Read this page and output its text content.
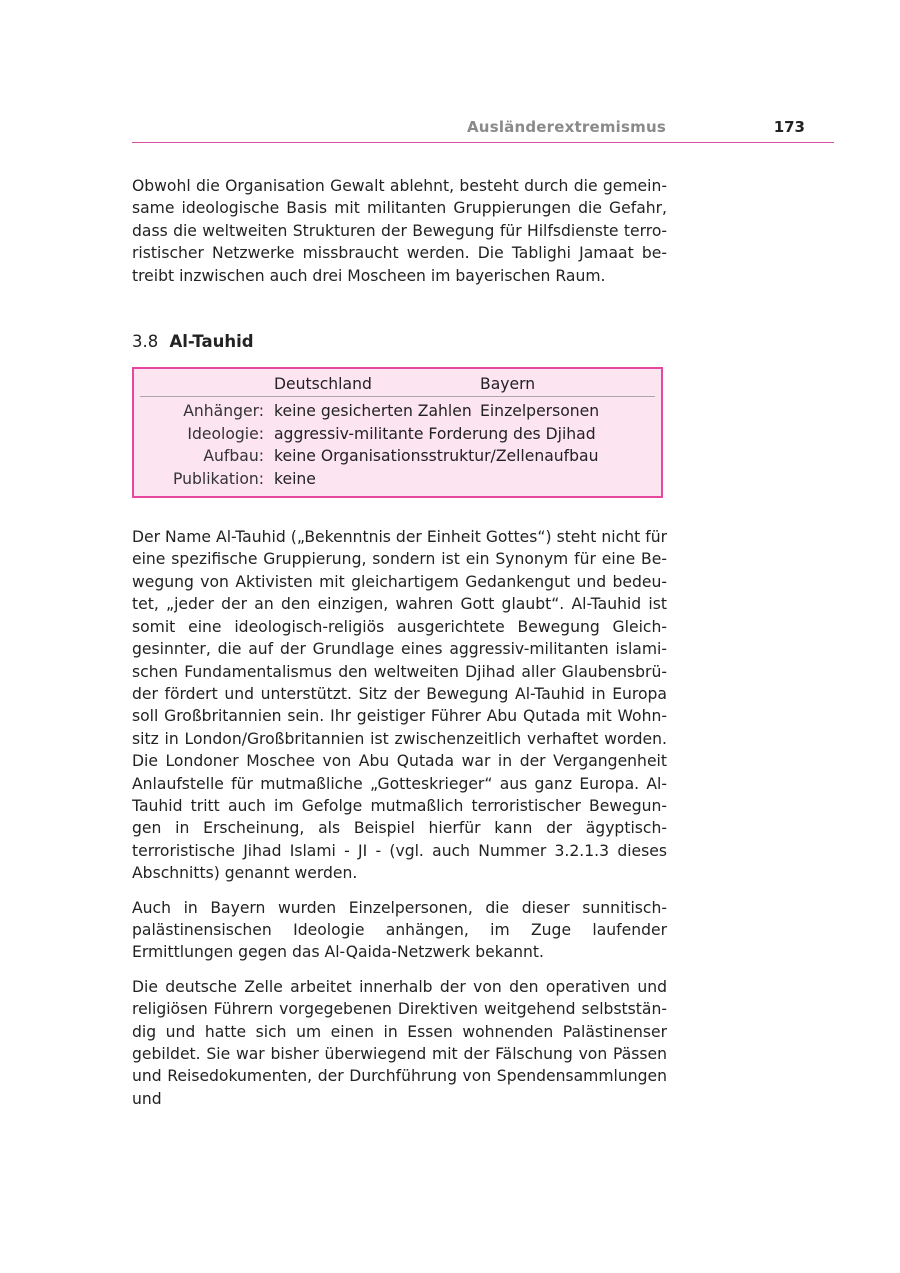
Ausländerextremismus	173

Obwohl die Organisation Gewalt ablehnt, besteht durch die gemeinsame ideologische Basis mit militanten Gruppierungen die Gefahr, dass die weltweiten Strukturen der Bewegung für Hilfsdienste terroristischer Netzwerke missbraucht werden. Die Tablighi Jamaat betreibt inzwischen auch drei Moscheen im bayerischen Raum.

3.8 Al-Tauhid
	Deutschland	Bayern
Anhänger:	keine gesicherten Zahlen	Einzelpersonen
Ideologie:	aggressiv-militante Forderung des Djihad	
Aufbau:	keine Organisationsstruktur/Zellenaufbau	
Publikation:	keine	

Der Name Al-Tauhid („Bekenntnis der Einheit Gottes“) steht nicht für eine spezifische Gruppierung, sondern ist ein Synonym für eine Bewegung von Aktivisten mit gleichartigem Gedankengut und bedeutet, „jeder der an den einzigen, wahren Gott glaubt“. Al-Tauhid ist somit eine ideologisch-religiös ausgerichtete Bewegung Gleichgesinnter, die auf der Grundlage eines aggressiv-militanten islamischen Fundamentalismus den weltweiten Djihad aller Glaubensbrüder fördert und unterstützt. Sitz der Bewegung Al-Tauhid in Europa soll Großbritannien sein. Ihr geistiger Führer Abu Qutada mit Wohnsitz in London/Großbritannien ist zwischenzeitlich verhaftet worden. Die Londoner Moschee von Abu Qutada war in der Vergangenheit Anlaufstelle für mutmaßliche „Gotteskrieger“ aus ganz Europa. Al-Tauhid tritt auch im Gefolge mutmaßlich terroristischer Bewegungen in Erscheinung, als Beispiel hierfür kann der ägyptisch-terroristische Jihad Islami - JI - (vgl. auch Nummer 3.2.1.3 dieses Abschnitts) genannt werden.

Auch in Bayern wurden Einzelpersonen, die dieser sunnitisch-palästinensischen Ideologie anhängen, im Zuge laufender Ermittlungen gegen das Al-Qaida-Netzwerk bekannt.

Die deutsche Zelle arbeitet innerhalb der von den operativen und religiösen Führern vorgegebenen Direktiven weitgehend selbstständig und hatte sich um einen in Essen wohnenden Palästinenser gebildet. Sie war bisher überwiegend mit der Fälschung von Pässen und Reisedokumenten, der Durchführung von Spendensammlungen und
